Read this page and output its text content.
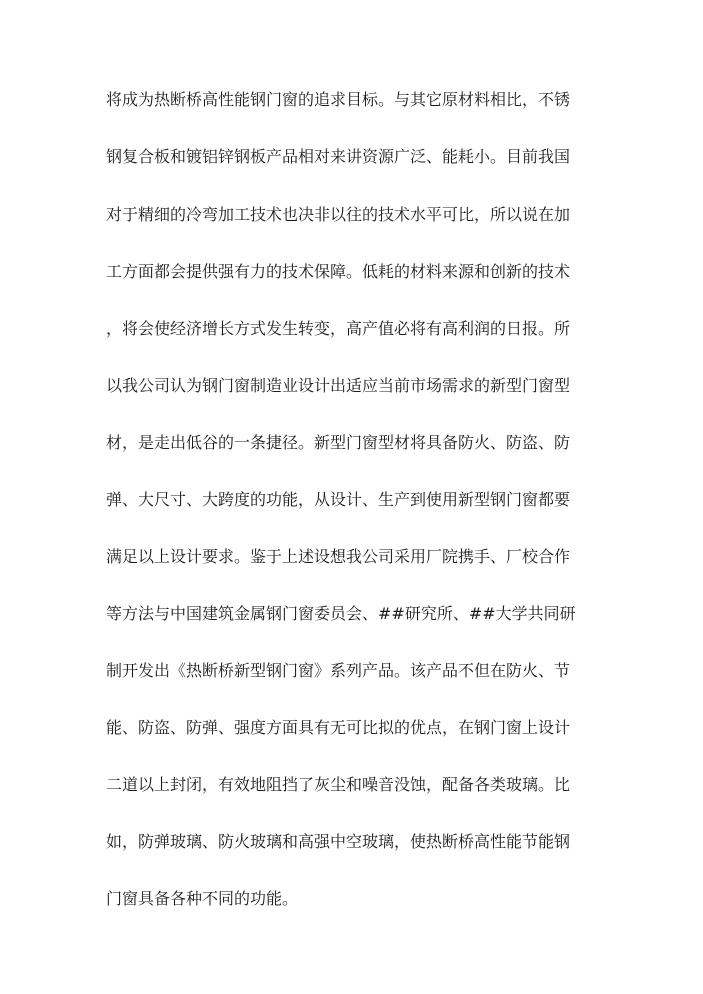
将成为热断桥高性能钢门窗的追求目标。与其它原材料相比，不锈
钢复合板和镀铝锌钢板产品相对来讲资源广泛、能耗小。目前我国
对于精细的冷弯加工技术也决非以往的技术水平可比，所以说在加
工方面都会提供强有力的技术保障。低耗的材料来源和创新的技术
，将会使经济增长方式发生转变，高产值必将有高利润的日报。所
以我公司认为钢门窗制造业设计出适应当前市场需求的新型门窗型
材，是走出低谷的一条捷径。新型门窗型材将具备防火、防盗、防
弹、大尺寸、大跨度的功能，从设计、生产到使用新型钢门窗都要
满足以上设计要求。鉴于上述设想我公司采用厂院携手、厂校合作
等方法与中国建筑金属钢门窗委员会、##研究所、##大学共同研
制开发出《热断桥新型钢门窗》系列产品。该产品不但在防火、节
能、防盗、防弹、强度方面具有无可比拟的优点，在钢门窗上设计
二道以上封闭，有效地阻挡了灰尘和噪音没蚀，配备各类玻璃。比
如，防弹玻璃、防火玻璃和高强中空玻璃，使热断桥高性能节能钢
门窗具备各种不同的功能。
